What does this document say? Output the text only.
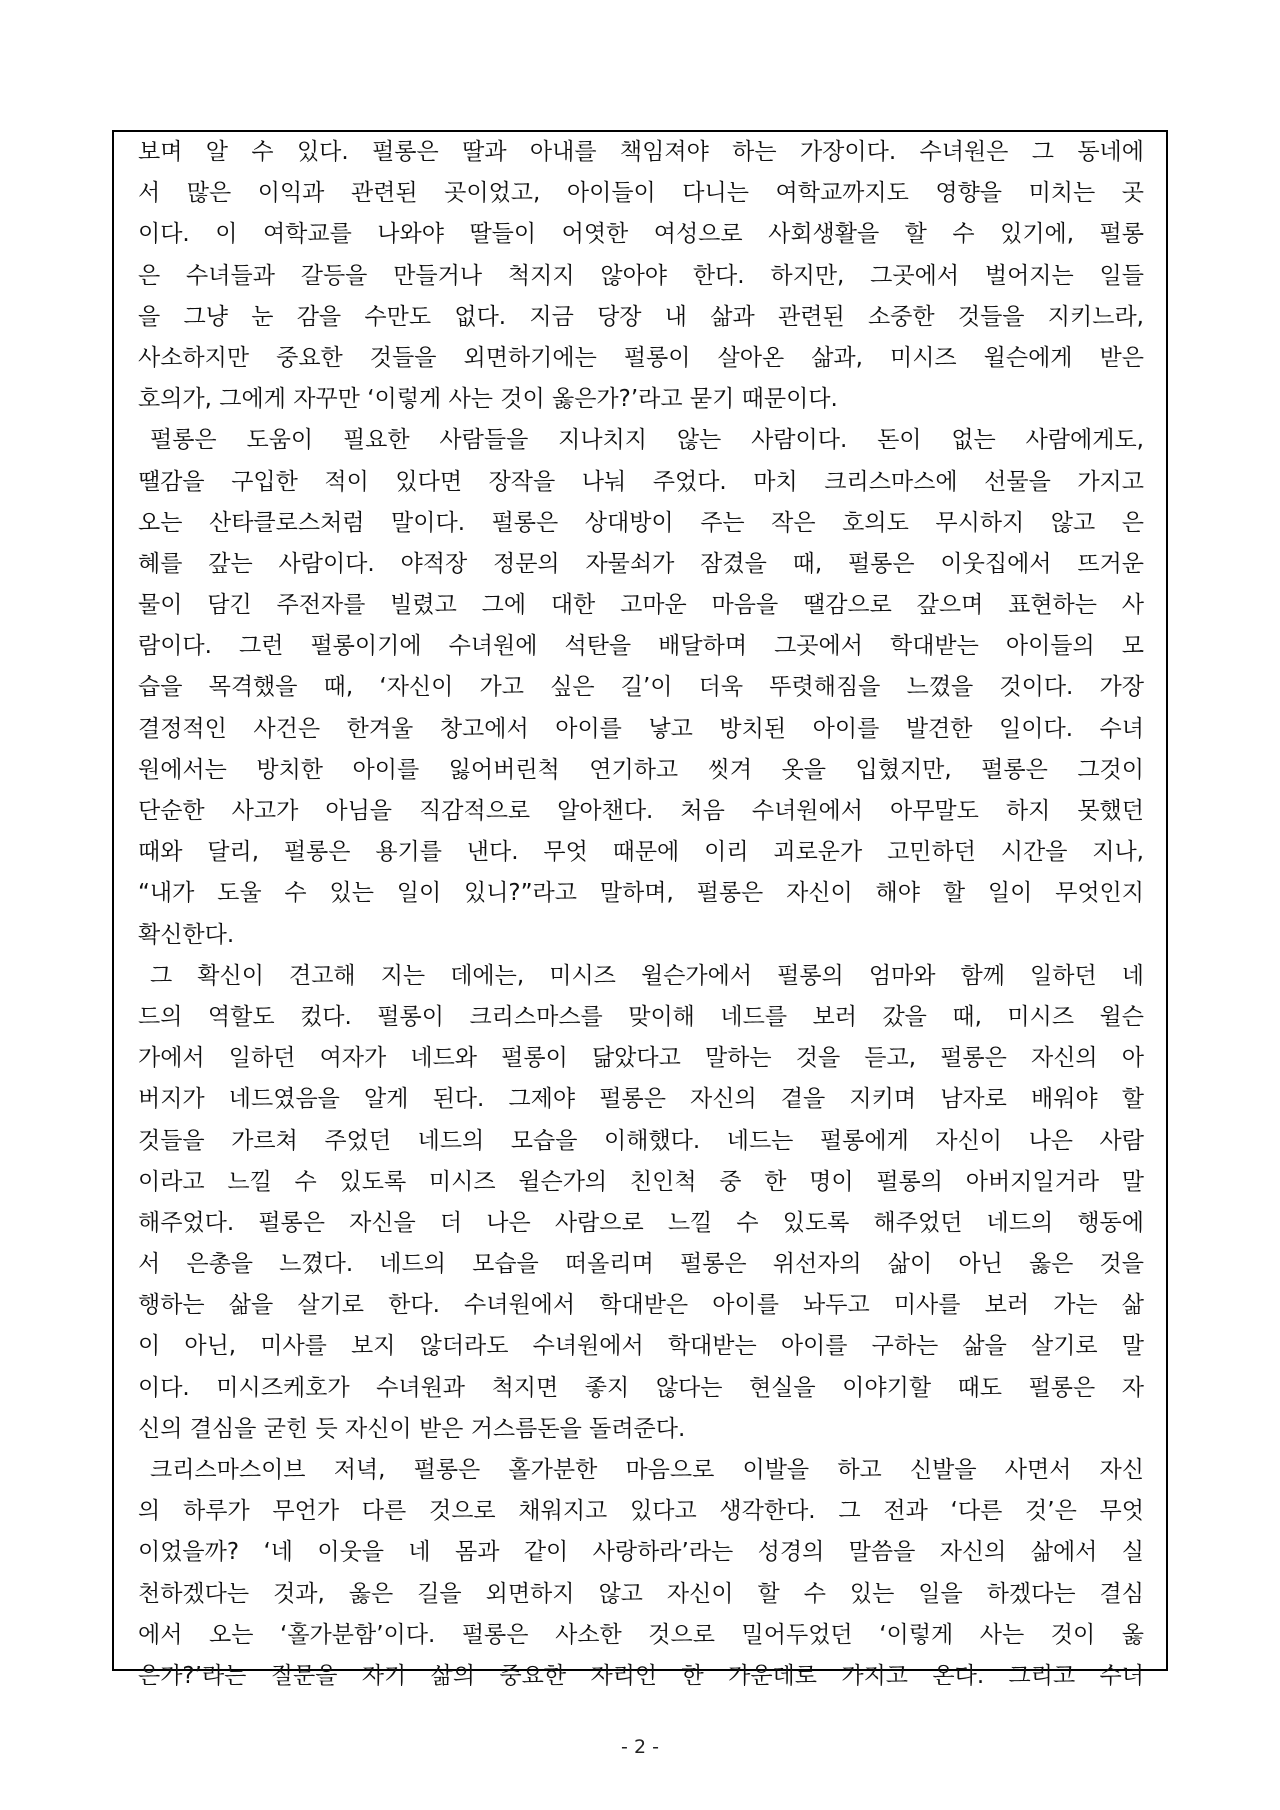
보며 알 수 있다. 펄롱은 딸과 아내를 책임져야 하는 가장이다. 수녀원은 그 동네에
서 많은 이익과 관련된 곳이었고, 아이들이 다니는 여학교까지도 영향을 미치는 곳
이다. 이 여학교를 나와야 딸들이 어엿한 여성으로 사회생활을 할 수 있기에, 펄롱
은 수녀들과 갈등을 만들거나 척지지 않아야 한다. 하지만, 그곳에서 벌어지는 일들
을 그냥 눈 감을 수만도 없다. 지금 당장 내 삶과 관련된 소중한 것들을 지키느라,
사소하지만 중요한 것들을 외면하기에는 펄롱이 살아온 삶과, 미시즈 윌슨에게 받은
호의가, 그에게 자꾸만 ‘이렇게 사는 것이 옳은가?’라고 묻기 때문이다.
펄롱은 도움이 필요한 사람들을 지나치지 않는 사람이다. 돈이 없는 사람에게도,
땔감을 구입한 적이 있다면 장작을 나눠 주었다. 마치 크리스마스에 선물을 가지고
오는 산타클로스처럼 말이다. 펄롱은 상대방이 주는 작은 호의도 무시하지 않고 은
혜를 갚는 사람이다. 야적장 정문의 자물쇠가 잠겼을 때, 펄롱은 이웃집에서 뜨거운
물이 담긴 주전자를 빌렸고 그에 대한 고마운 마음을 땔감으로 갚으며 표현하는 사
람이다. 그런 펄롱이기에 수녀원에 석탄을 배달하며 그곳에서 학대받는 아이들의 모
습을 목격했을 때, ‘자신이 가고 싶은 길’이 더욱 뚜렷해짐을 느꼈을 것이다. 가장
결정적인 사건은 한겨울 창고에서 아이를 낳고 방치된 아이를 발견한 일이다. 수녀
원에서는 방치한 아이를 잃어버린척 연기하고 씻겨 옷을 입혔지만, 펄롱은 그것이
단순한 사고가 아님을 직감적으로 알아챈다. 처음 수녀원에서 아무말도 하지 못했던
때와 달리, 펄롱은 용기를 낸다. 무엇 때문에 이리 괴로운가 고민하던 시간을 지나,
“내가 도울 수 있는 일이 있니?”라고 말하며, 펄롱은 자신이 해야 할 일이 무엇인지
확신한다.
그 확신이 견고해 지는 데에는, 미시즈 윌슨가에서 펄롱의 엄마와 함께 일하던 네
드의 역할도 컸다. 펄롱이 크리스마스를 맞이해 네드를 보러 갔을 때, 미시즈 윌슨
가에서 일하던 여자가 네드와 펄롱이 닮았다고 말하는 것을 듣고, 펄롱은 자신의 아
버지가 네드였음을 알게 된다. 그제야 펄롱은 자신의 곁을 지키며 남자로 배워야 할
것들을 가르쳐 주었던 네드의 모습을 이해했다. 네드는 펄롱에게 자신이 나은 사람
이라고 느낄 수 있도록 미시즈 윌슨가의 친인척 중 한 명이 펄롱의 아버지일거라 말
해주었다. 펄롱은 자신을 더 나은 사람으로 느낄 수 있도록 해주었던 네드의 행동에
서 은총을 느꼈다. 네드의 모습을 떠올리며 펄롱은 위선자의 삶이 아닌 옳은 것을
행하는 삶을 살기로 한다. 수녀원에서 학대받은 아이를 놔두고 미사를 보러 가는 삶
이 아닌, 미사를 보지 않더라도 수녀원에서 학대받는 아이를 구하는 삶을 살기로 말
이다. 미시즈케호가 수녀원과 척지면 좋지 않다는 현실을 이야기할 때도 펄롱은 자
신의 결심을 굳힌 듯 자신이 받은 거스름돈을 돌려준다.
크리스마스이브 저녁, 펄롱은 홀가분한 마음으로 이발을 하고 신발을 사면서 자신
의 하루가 무언가 다른 것으로 채워지고 있다고 생각한다. 그 전과 ‘다른 것’은 무엇
이었을까? ‘네 이웃을 네 몸과 같이 사랑하라’라는 성경의 말씀을 자신의 삶에서 실
천하겠다는 것과, 옳은 길을 외면하지 않고 자신이 할 수 있는 일을 하겠다는 결심
에서 오는 ‘홀가분함’이다. 펄롱은 사소한 것으로 밀어두었던 ‘이렇게 사는 것이 옳
은가?’라는 질문을 자기 삶의 중요한 자리인 한 가운데로 가지고 온다. 그리고 수녀
- 2 -
